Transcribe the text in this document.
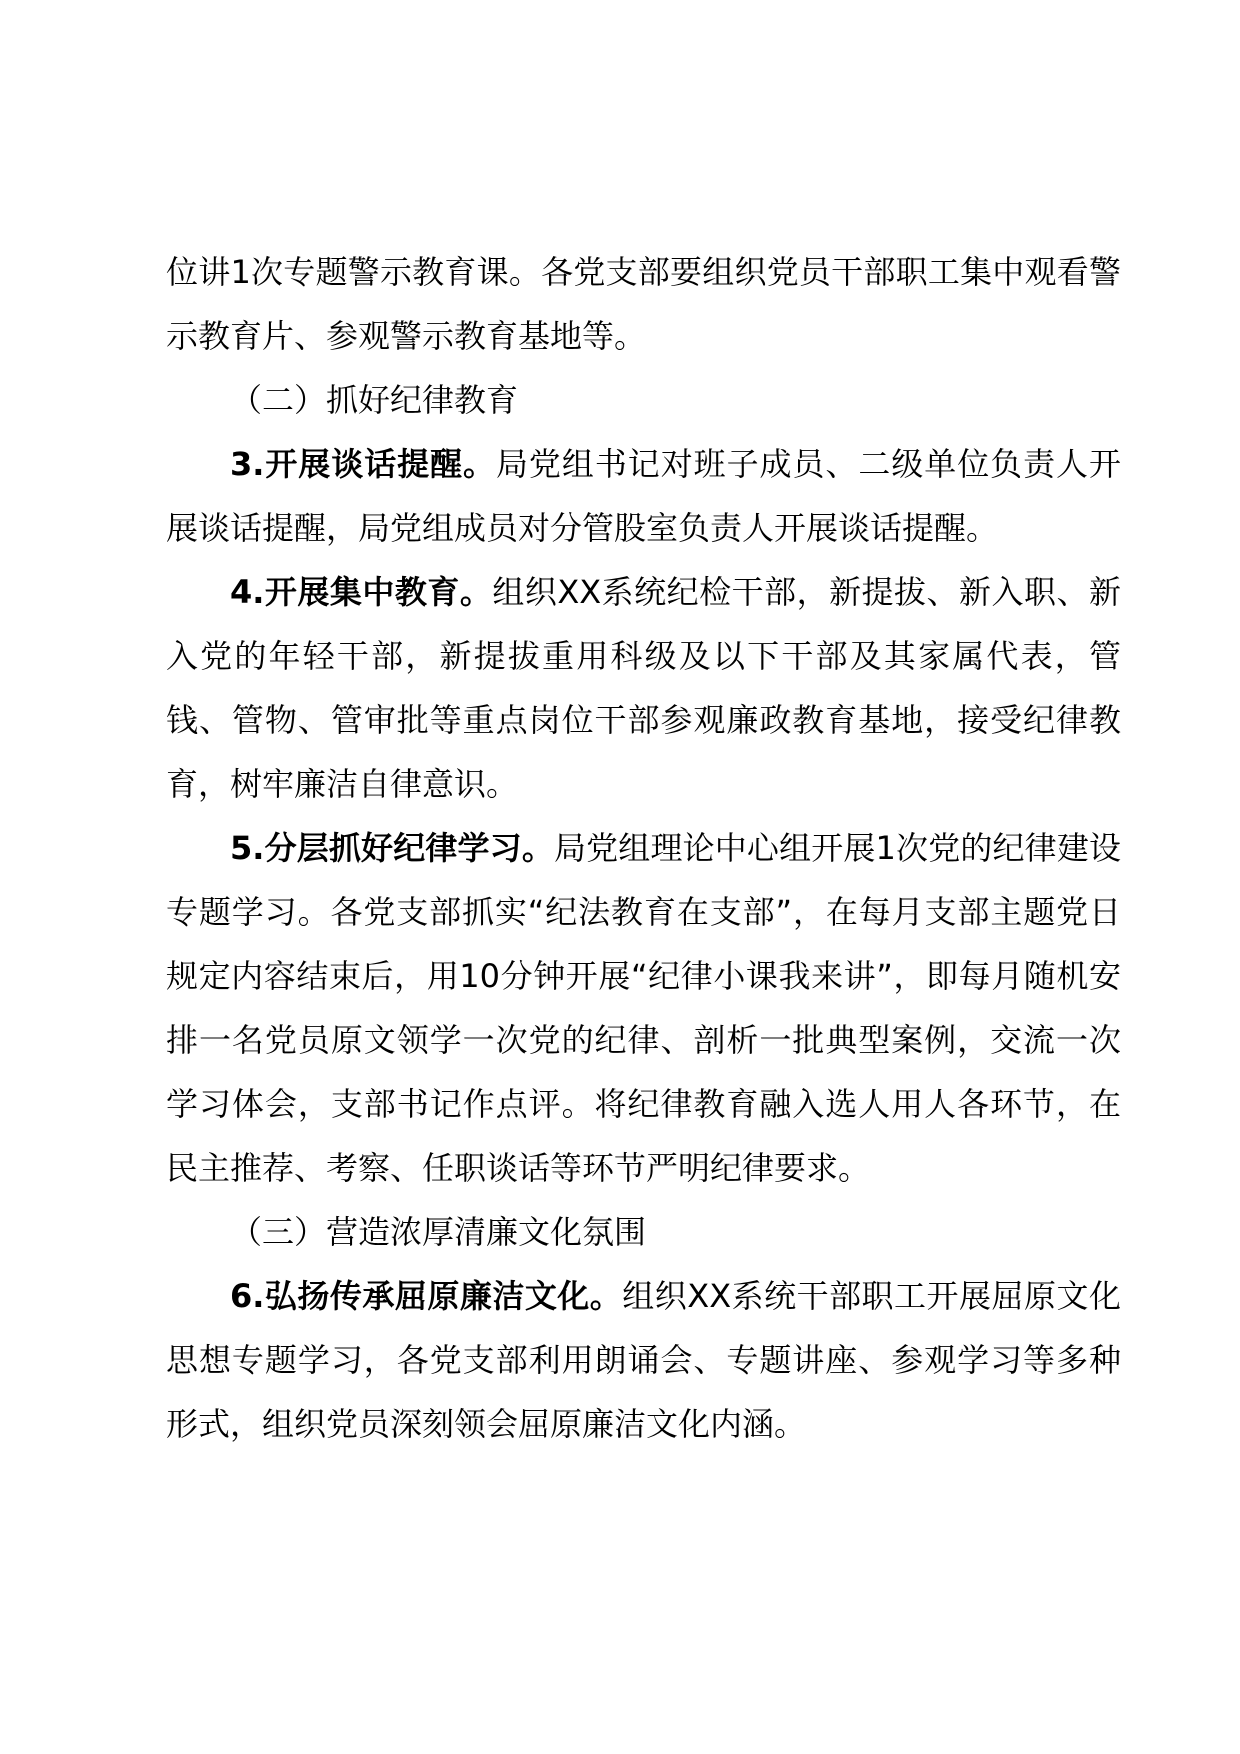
位讲1次专题警示教育课。各党支部要组织党员干部职工集中观看警示教育片、参观警示教育基地等。

（二）抓好纪律教育

3.开展谈话提醒。局党组书记对班子成员、二级单位负责人开展谈话提醒，局党组成员对分管股室负责人开展谈话提醒。

4.开展集中教育。组织XX系统纪检干部，新提拔、新入职、新入党的年轻干部，新提拔重用科级及以下干部及其家属代表，管钱、管物、管审批等重点岗位干部参观廉政教育基地，接受纪律教育，树牢廉洁自律意识。

5.分层抓好纪律学习。局党组理论中心组开展1次党的纪律建设专题学习。各党支部抓实“纪法教育在支部”，在每月支部主题党日规定内容结束后，用10分钟开展“纪律小课我来讲”，即每月随机安排一名党员原文领学一次党的纪律、剖析一批典型案例，交流一次学习体会，支部书记作点评。将纪律教育融入选人用人各环节，在民主推荐、考察、任职谈话等环节严明纪律要求。

（三）营造浓厚清廉文化氛围

6.弘扬传承屈原廉洁文化。组织XX系统干部职工开展屈原文化思想专题学习，各党支部利用朗诵会、专题讲座、参观学习等多种形式，组织党员深刻领会屈原廉洁文化内涵。
